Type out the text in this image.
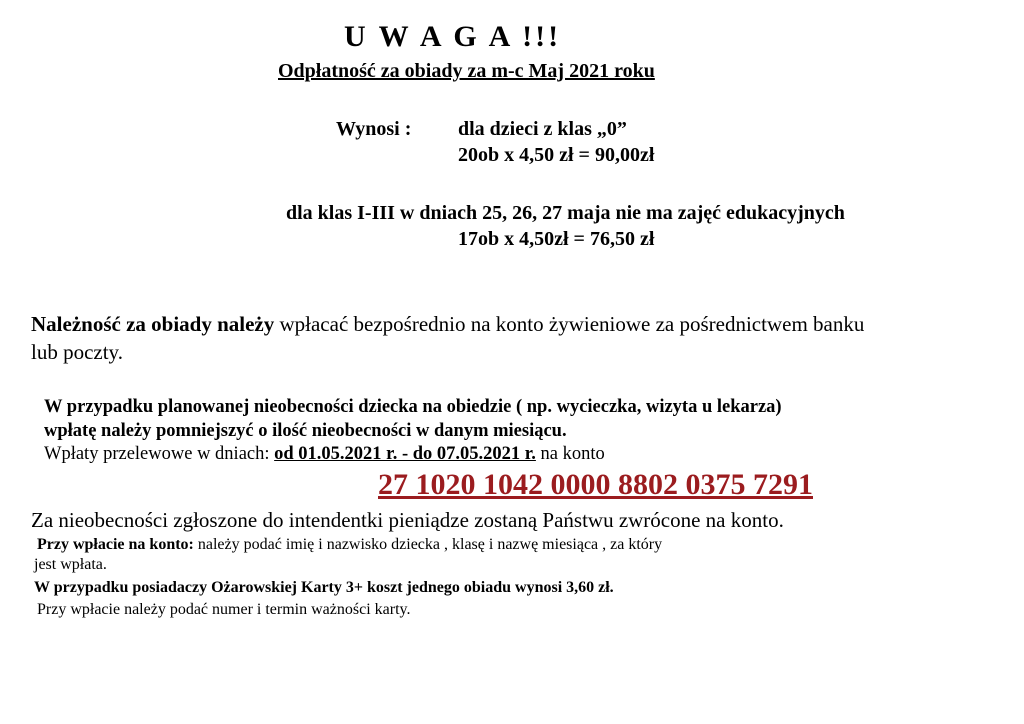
U W A G A !!!

Odpłatność za obiady za m-c Maj 2021 roku

Wynosi : dla dzieci z klas „0”

20ob x 4,50 zł = 90,00zł

dla klas I-III w dniach 25, 26, 27 maja nie ma zajęć edukacyjnych

17ob x 4,50zł = 76,50 zł

Należność za obiady należy wpłacać bezpośrednio na konto żywieniowe za pośrednictwem banku

lub poczty.

W przypadku planowanej nieobecności dziecka na obiedzie ( np. wycieczka, wizyta u lekarza)

wpłatę należy pomniejszyć o ilość nieobecności w danym miesiącu.

Wpłaty przelewowe w dniach: od 01.05.2021 r. - do 07.05.2021 r. na konto

27 1020 1042 0000 8802 0375 7291

Za nieobecności zgłoszone do intendentki pieniądze zostaną Państwu zwrócone na konto.

Przy wpłacie na konto: należy podać imię i nazwisko dziecka , klasę i nazwę miesiąca , za który

jest wpłata.

W przypadku posiadaczy Ożarowskiej Karty 3+ koszt jednego obiadu wynosi 3,60 zł.

Przy wpłacie należy podać numer i termin ważności karty.
